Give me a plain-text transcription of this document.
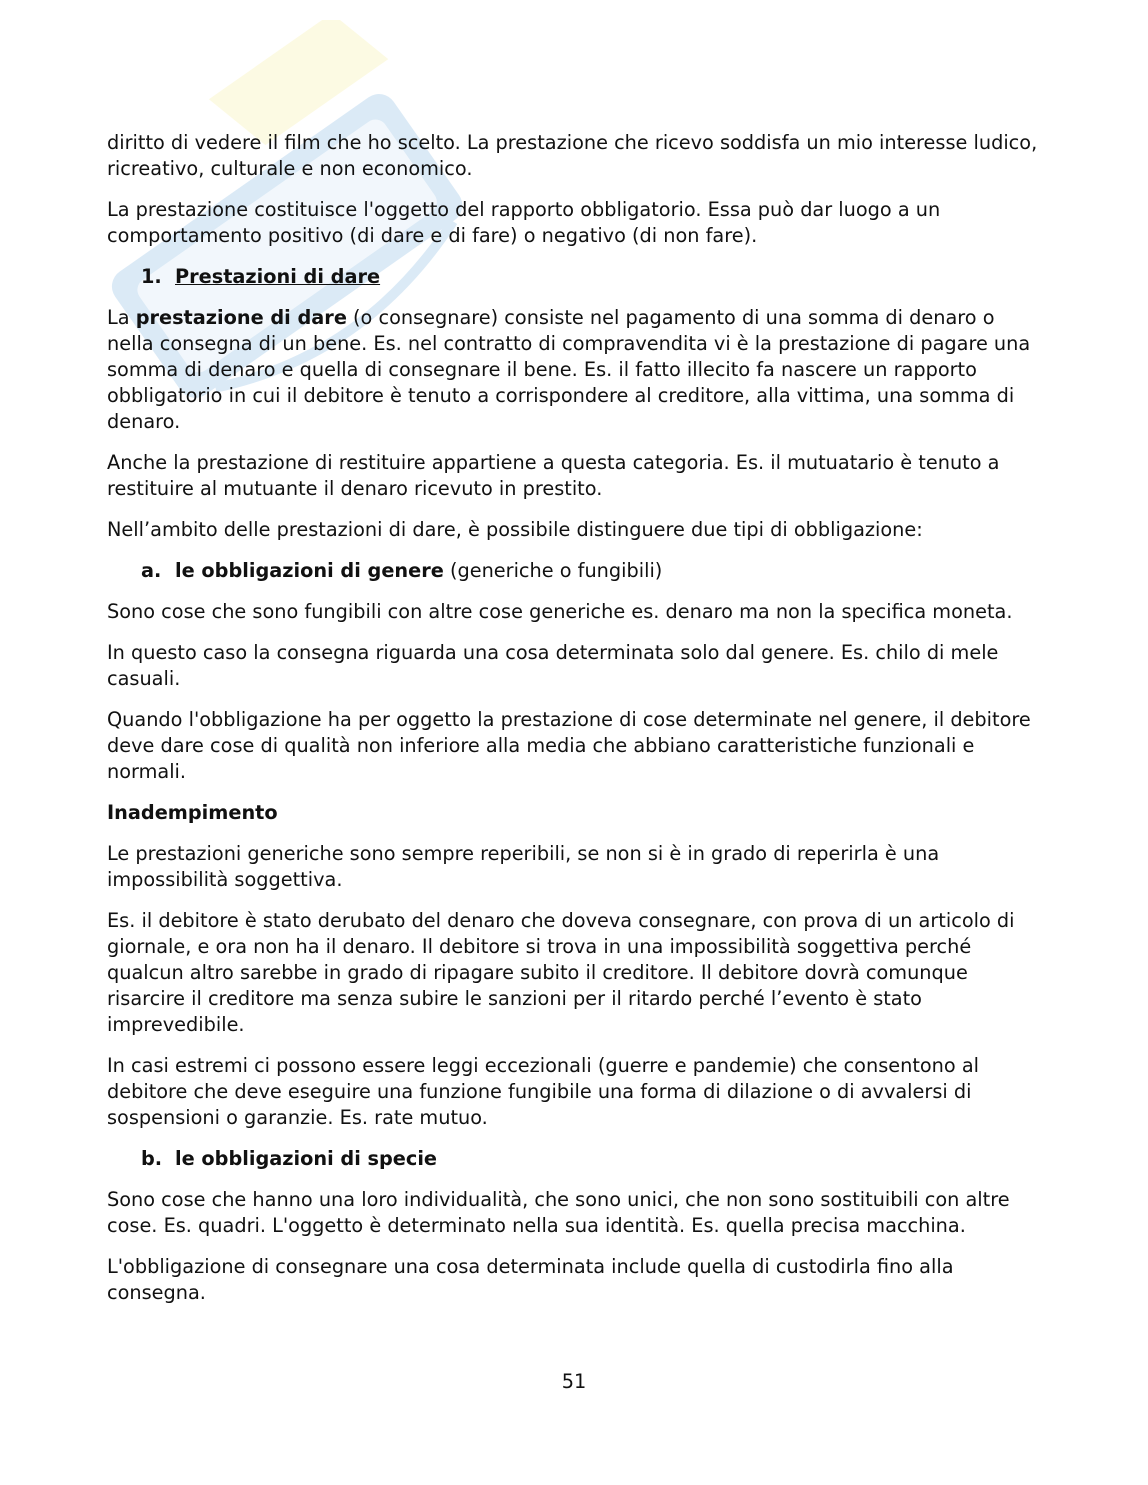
diritto di vedere il film che ho scelto. La prestazione che ricevo soddisfa un mio interesse ludico, ricreativo, culturale e non economico.

La prestazione costituisce l'oggetto del rapporto obbligatorio. Essa può dar luogo a un comportamento positivo (di dare e di fare) o negativo (di non fare).

1. Prestazioni di dare

La prestazione di dare (o consegnare) consiste nel pagamento di una somma di denaro o nella consegna di un bene. Es. nel contratto di compravendita vi è la prestazione di pagare una somma di denaro e quella di consegnare il bene. Es. il fatto illecito fa nascere un rapporto obbligatorio in cui il debitore è tenuto a corrispondere al creditore, alla vittima, una somma di denaro.

Anche la prestazione di restituire appartiene a questa categoria. Es. il mutuatario è tenuto a restituire al mutuante il denaro ricevuto in prestito.

Nell’ambito delle prestazioni di dare, è possibile distinguere due tipi di obbligazione:

a. le obbligazioni di genere (generiche o fungibili)

Sono cose che sono fungibili con altre cose generiche es. denaro ma non la specifica moneta.

In questo caso la consegna riguarda una cosa determinata solo dal genere. Es. chilo di mele casuali.

Quando l'obbligazione ha per oggetto la prestazione di cose determinate nel genere, il debitore deve dare cose di qualità non inferiore alla media che abbiano caratteristiche funzionali e normali.

Inadempimento

Le prestazioni generiche sono sempre reperibili, se non si è in grado di reperirla è una impossibilità soggettiva.

Es. il debitore è stato derubato del denaro che doveva consegnare, con prova di un articolo di giornale, e ora non ha il denaro. Il debitore si trova in una impossibilità soggettiva perché qualcun altro sarebbe in grado di ripagare subito il creditore. Il debitore dovrà comunque risarcire il creditore ma senza subire le sanzioni per il ritardo perché l’evento è stato imprevedibile.

In casi estremi ci possono essere leggi eccezionali (guerre e pandemie) che consentono al debitore che deve eseguire una funzione fungibile una forma di dilazione o di avvalersi di sospensioni o garanzie. Es. rate mutuo.

b. le obbligazioni di specie

Sono cose che hanno una loro individualità, che sono unici, che non sono sostituibili con altre cose. Es. quadri. L'oggetto è determinato nella sua identità. Es. quella precisa macchina.

L'obbligazione di consegnare una cosa determinata include quella di custodirla fino alla consegna.

51
